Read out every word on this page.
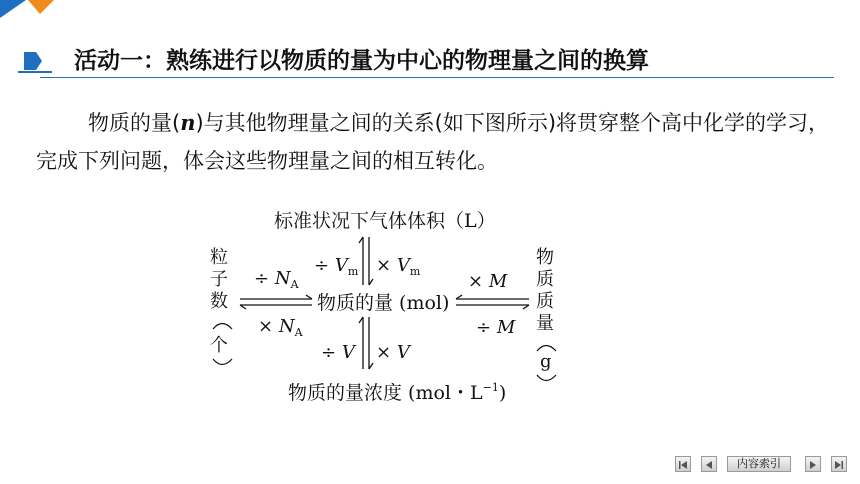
活动一：熟练进行以物质的量为中心的物理量之间的换算
物质的量(n)与其他物理量之间的关系(如下图所示)将贯穿整个高中化学的学习，完成下列问题，体会这些物理量之间的相互转化。
标准状况下气体体积（L）
÷ $V_m \times V_m$
粒
子
数
个
÷ $N_A$
× $N_A$
物质的量 (mol)
× M
÷ M
物
质
质
量
g
÷ V × V
物质的量浓度 (mol・$L^{-1}$)
内容索引
